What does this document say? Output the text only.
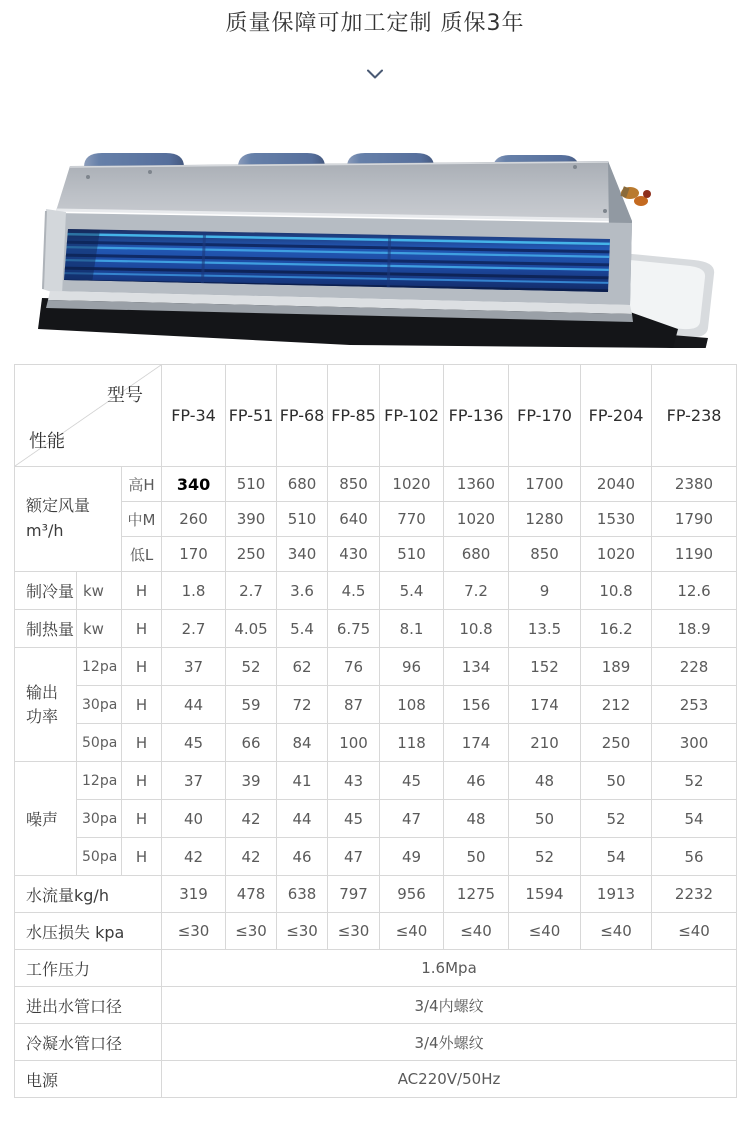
质量保障可加工定制 质保3年
型号
性能			FP-34	FP-51	FP-68	FP-85	FP-102	FP-136	FP-170	FP-204	FP-238

额定风量
m³/h		高H	340	510	680	850	1020	1360	1700	2040	2380
		中M	260	390	510	640	770	1020	1280	1530	1790
		低L	170	250	340	430	510	680	850	1020	1190
制冷量	kw	H	1.8	2.7	3.6	4.5	5.4	7.2	9	10.8	12.6
制热量	kw	H	2.7	4.05	5.4	6.75	8.1	10.8	13.5	16.2	18.9
输出功率	12pa	H	37	52	62	76	96	134	152	189	228
	30pa	H	44	59	72	87	108	156	174	212	253
	50pa	H	45	66	84	100	118	174	210	250	300
噪声	12pa	H	37	39	41	43	45	46	48	50	52
	30pa	H	40	42	44	45	47	48	50	52	54
	50pa	H	42	42	46	47	49	50	52	54	56
水流量kg/h			319	478	638	797	956	1275	1594	1913	2232
水压损失 kpa			≤30	≤30	≤30	≤30	≤40	≤40	≤40	≤40	≤40
工作压力			1.6Mpa								
进出水管口径			3/4内螺纹								
冷凝水管口径			3/4外螺纹								
电源			AC220V/50Hz								
